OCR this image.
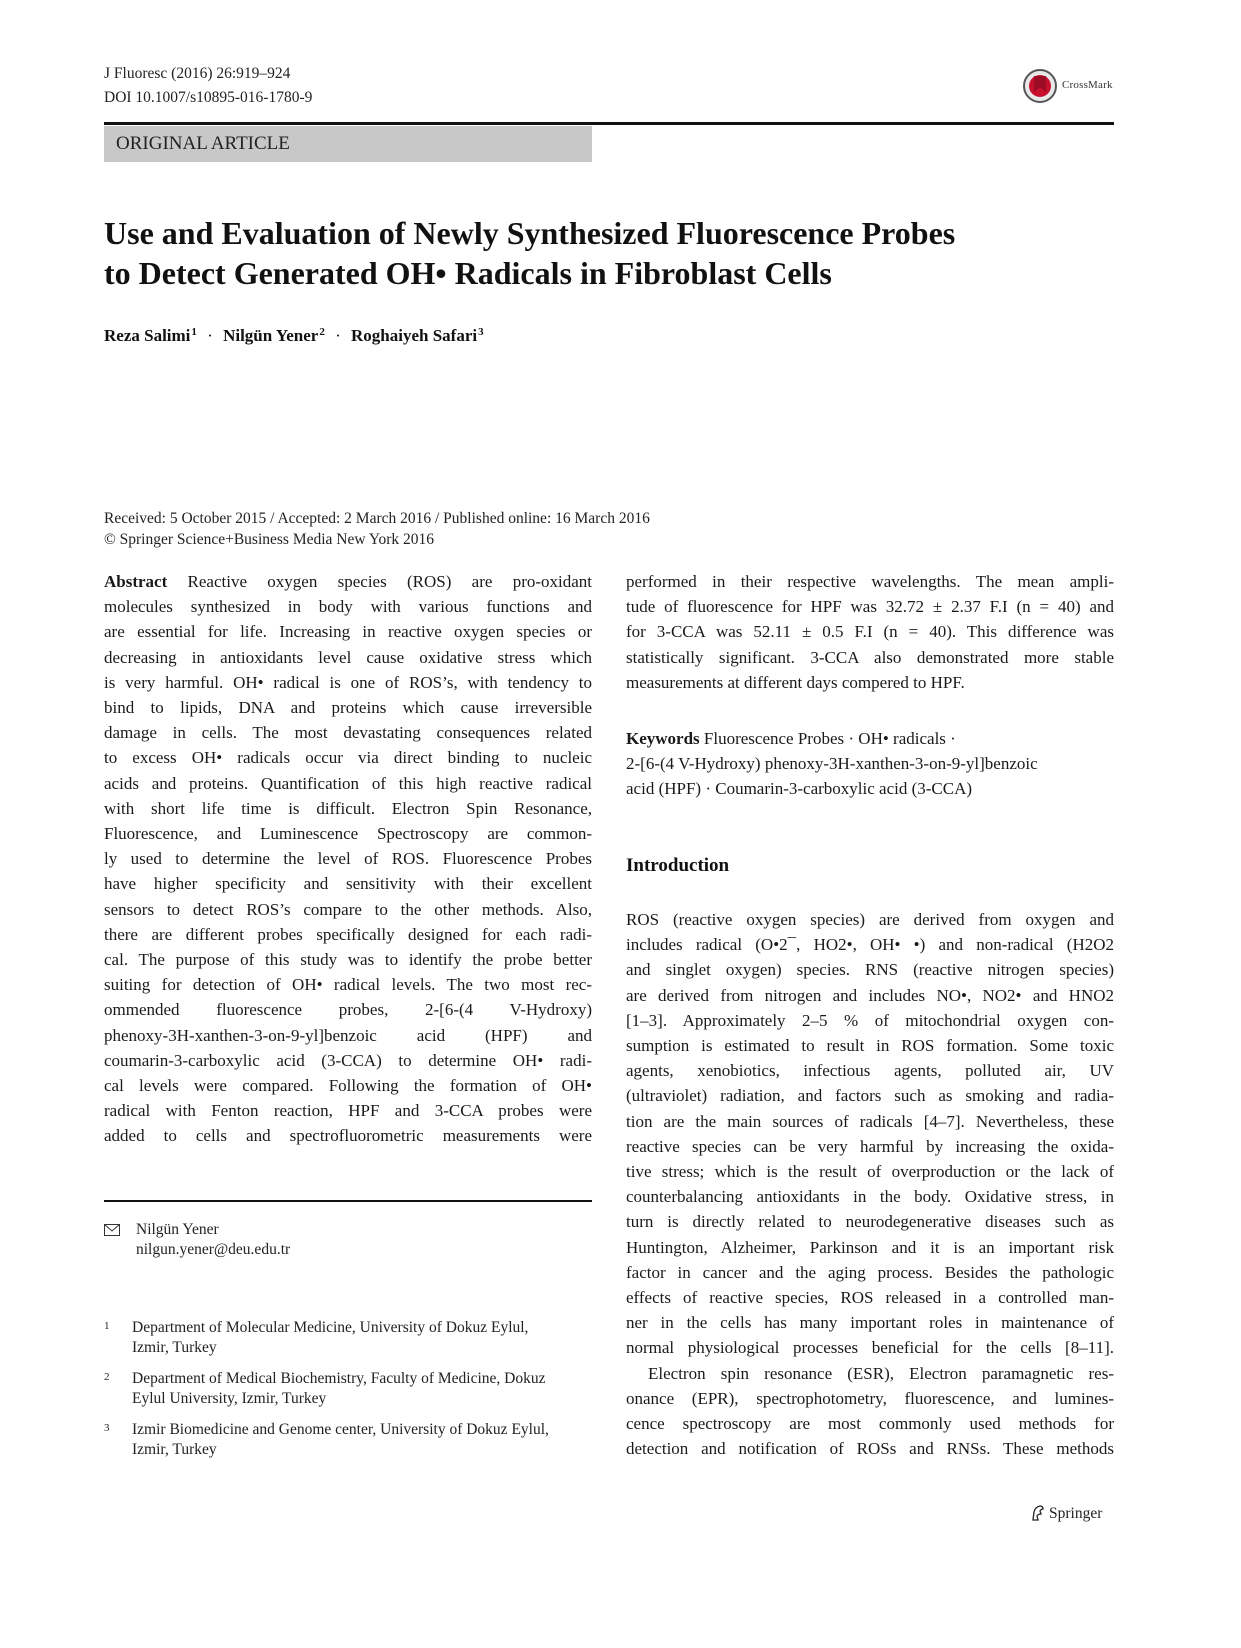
J Fluoresc (2016) 26:919–924
DOI 10.1007/s10895-016-1780-9
CrossMark
ORIGINAL ARTICLE
Use and Evaluation of Newly Synthesized Fluorescence Probes
to Detect Generated OH• Radicals in Fibroblast Cells
Reza Salimi$^1$ · Nilgün Yener$^2$ · Roghaiyeh Safari$^3$
Received: 5 October 2015 / Accepted: 2 March 2016 / Published online: 16 March 2016
© Springer Science+Business Media New York 2016
Abstract Reactive oxygen species (ROS) are pro-oxidant
molecules synthesized in body with various functions and
are essential for life. Increasing in reactive oxygen species or
decreasing in antioxidants level cause oxidative stress which
is very harmful. OH• radical is one of ROS’s, with tendency to
bind to lipids, DNA and proteins which cause irreversible
damage in cells. The most devastating consequences related
to excess OH• radicals occur via direct binding to nucleic
acids and proteins. Quantification of this high reactive radical
with short life time is difficult. Electron Spin Resonance,
Fluorescence, and Luminescence Spectroscopy are common-
ly used to determine the level of ROS. Fluorescence Probes
have higher specificity and sensitivity with their excellent
sensors to detect ROS’s compare to the other methods. Also,
there are different probes specifically designed for each radi-
cal. The purpose of this study was to identify the probe better
suiting for detection of OH• radical levels. The two most rec-
ommended fluorescence probes, 2-[6-(4 V-Hydroxy)
phenoxy-3H-xanthen-3-on-9-yl]benzoic acid (HPF) and
coumarin-3-carboxylic acid (3-CCA) to determine OH• radi-
cal levels were compared. Following the formation of OH•
radical with Fenton reaction, HPF and 3-CCA probes were
added to cells and spectrofluorometric measurements were
Nilgün Yener
nilgun.yener@deu.edu.tr
1 Department of Molecular Medicine, University of Dokuz Eylul,
Izmir, Turkey
2 Department of Medical Biochemistry, Faculty of Medicine, Dokuz
Eylul University, Izmir, Turkey
3 Izmir Biomedicine and Genome center, University of Dokuz Eylul,
Izmir, Turkey
performed in their respective wavelengths. The mean ampli-
tude of fluorescence for HPF was 32.72 ± 2.37 F.I (n = 40) and
for 3-CCA was 52.11 ± 0.5 F.I (n = 40). This difference was
statistically significant. 3-CCA also demonstrated more stable
measurements at different days compered to HPF.
Keywords Fluorescence Probes · OH• radicals ·
2-[6-(4 V-Hydroxy) phenoxy-3H-xanthen-3-on-9-yl]benzoic
acid (HPF) · Coumarin-3-carboxylic acid (3-CCA)
Introduction
ROS (reactive oxygen species) are derived from oxygen and
includes radical (O•2¯, HO2•, OH• •) and non-radical (H2O2
and singlet oxygen) species. RNS (reactive nitrogen species)
are derived from nitrogen and includes NO•, NO2• and HNO2
[1–3]. Approximately 2–5 % of mitochondrial oxygen con-
sumption is estimated to result in ROS formation. Some toxic
agents, xenobiotics, infectious agents, polluted air, UV
(ultraviolet) radiation, and factors such as smoking and radia-
tion are the main sources of radicals [4–7]. Nevertheless, these
reactive species can be very harmful by increasing the oxida-
tive stress; which is the result of overproduction or the lack of
counterbalancing antioxidants in the body. Oxidative stress, in
turn is directly related to neurodegenerative diseases such as
Huntington, Alzheimer, Parkinson and it is an important risk
factor in cancer and the aging process. Besides the pathologic
effects of reactive species, ROS released in a controlled man-
ner in the cells has many important roles in maintenance of
normal physiological processes beneficial for the cells [8–11].
Electron spin resonance (ESR), Electron paramagnetic res-
onance (EPR), spectrophotometry, fluorescence, and lumines-
cence spectroscopy are most commonly used methods for
detection and notification of ROSs and RNSs. These methods
Springer
